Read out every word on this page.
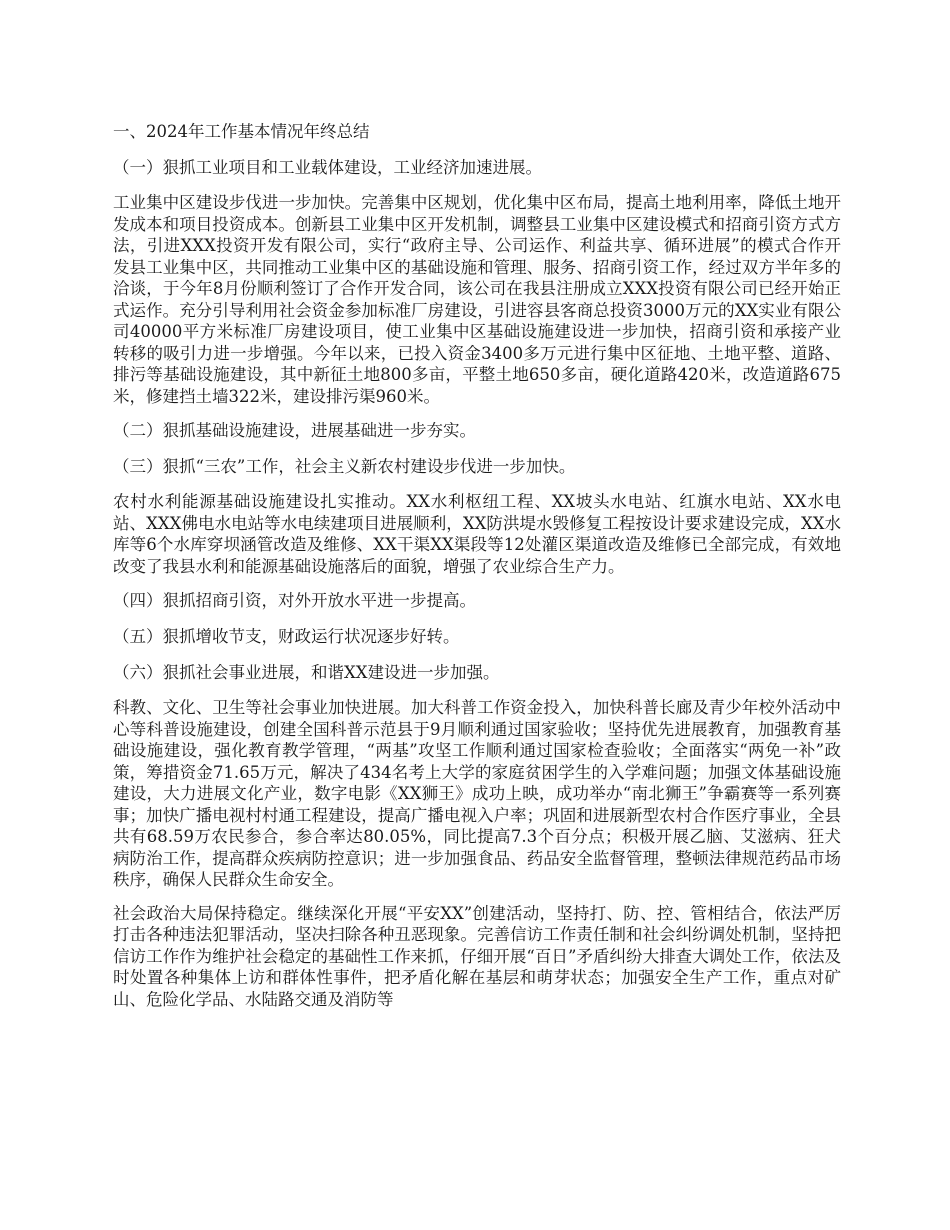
一、2024年工作基本情况年终总结
（一）狠抓工业项目和工业载体建设，工业经济加速进展。
工业集中区建设步伐进一步加快。完善集中区规划，优化集中区布局，提高土地利用率，降低土地开发成本和项目投资成本。创新县工业集中区开发机制，调整县工业集中区建设模式和招商引资方式方法，引进XXX投资开发有限公司，实行“政府主导、公司运作、利益共享、循环进展”的模式合作开发县工业集中区，共同推动工业集中区的基础设施和管理、服务、招商引资工作，经过双方半年多的洽谈，于今年8月份顺利签订了合作开发合同，该公司在我县注册成立XXX投资有限公司已经开始正式运作。充分引导利用社会资金参加标准厂房建设，引进容县客商总投资3000万元的XX实业有限公司40000平方米标准厂房建设项目，使工业集中区基础设施建设进一步加快，招商引资和承接产业转移的吸引力进一步增强。今年以来，已投入资金3400多万元进行集中区征地、土地平整、道路、排污等基础设施建设，其中新征土地800多亩，平整土地650多亩，硬化道路420米，改造道路675米，修建挡土墙322米，建设排污渠960米。
（二）狠抓基础设施建设，进展基础进一步夯实。
（三）狠抓“三农”工作，社会主义新农村建设步伐进一步加快。
农村水利能源基础设施建设扎实推动。XX水利枢纽工程、XX坡头水电站、红旗水电站、XX水电站、XXX佛电水电站等水电续建项目进展顺利，XX防洪堤水毁修复工程按设计要求建设完成，XX水库等6个水库穿坝涵管改造及维修、XX干渠XX渠段等12处灌区渠道改造及维修已全部完成，有效地改变了我县水利和能源基础设施落后的面貌，增强了农业综合生产力。
（四）狠抓招商引资，对外开放水平进一步提高。
（五）狠抓增收节支，财政运行状况逐步好转。
（六）狠抓社会事业进展，和谐XX建设进一步加强。
科教、文化、卫生等社会事业加快进展。加大科普工作资金投入，加快科普长廊及青少年校外活动中心等科普设施建设，创建全国科普示范县于9月顺利通过国家验收；坚持优先进展教育，加强教育基础设施建设，强化教育教学管理，“两基”攻坚工作顺利通过国家检查验收；全面落实“两免一补”政策，筹措资金71.65万元，解决了434名考上大学的家庭贫困学生的入学难问题；加强文体基础设施建设，大力进展文化产业，数字电影《XX狮王》成功上映，成功举办“南北狮王”争霸赛等一系列赛事；加快广播电视村村通工程建设，提高广播电视入户率；巩固和进展新型农村合作医疗事业，全县共有68.59万农民参合，参合率达80.05%，同比提高7.3个百分点；积极开展乙脑、艾滋病、狂犬病防治工作，提高群众疾病防控意识；进一步加强食品、药品安全监督管理，整顿法律规范药品市场秩序，确保人民群众生命安全。
社会政治大局保持稳定。继续深化开展“平安XX”创建活动，坚持打、防、控、管相结合，依法严厉打击各种违法犯罪活动，坚决扫除各种丑恶现象。完善信访工作责任制和社会纠纷调处机制，坚持把信访工作作为维护社会稳定的基础性工作来抓，仔细开展“百日”矛盾纠纷大排查大调处工作，依法及时处置各种集体上访和群体性事件，把矛盾化解在基层和萌芽状态；加强安全生产工作，重点对矿山、危险化学品、水陆路交通及消防等
